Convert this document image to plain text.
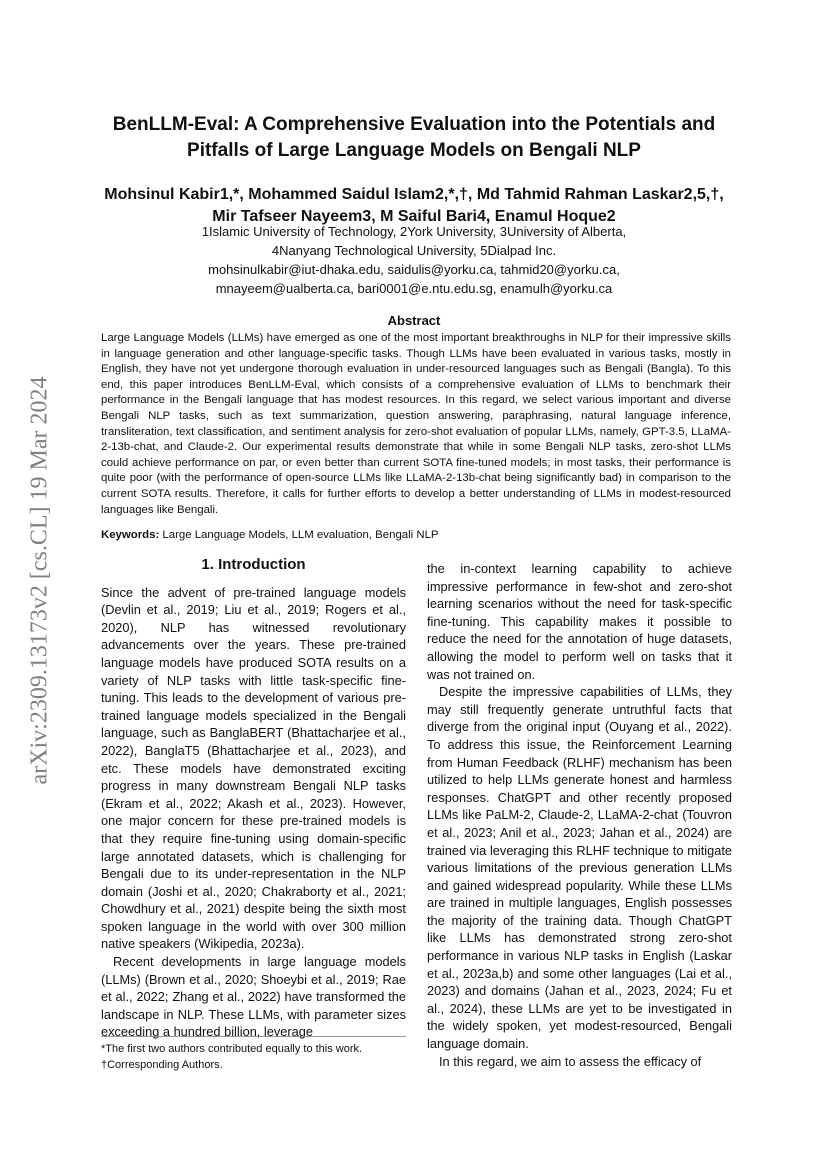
arXiv:2309.13173v2 [cs.CL] 19 Mar 2024
BenLLM-Eval: A Comprehensive Evaluation into the Potentials and Pitfalls of Large Language Models on Bengali NLP
Mohsinul Kabir1,*, Mohammed Saidul Islam2,*,†, Md Tahmid Rahman Laskar2,5,†,
Mir Tafseer Nayeem3, M Saiful Bari4, Enamul Hoque2
1Islamic University of Technology, 2York University, 3University of Alberta,
4Nanyang Technological University, 5Dialpad Inc.
mohsinulkabir@iut-dhaka.edu, saidulis@yorku.ca, tahmid20@yorku.ca,
mnayeem@ualberta.ca, bari0001@e.ntu.edu.sg, enamulh@yorku.ca
Abstract
Large Language Models (LLMs) have emerged as one of the most important breakthroughs in NLP for their impressive skills in language generation and other language-specific tasks. Though LLMs have been evaluated in various tasks, mostly in English, they have not yet undergone thorough evaluation in under-resourced languages such as Bengali (Bangla). To this end, this paper introduces BenLLM-Eval, which consists of a comprehensive evaluation of LLMs to benchmark their performance in the Bengali language that has modest resources. In this regard, we select various important and diverse Bengali NLP tasks, such as text summarization, question answering, paraphrasing, natural language inference, transliteration, text classification, and sentiment analysis for zero-shot evaluation of popular LLMs, namely, GPT-3.5, LLaMA-2-13b-chat, and Claude-2. Our experimental results demonstrate that while in some Bengali NLP tasks, zero-shot LLMs could achieve performance on par, or even better than current SOTA fine-tuned models; in most tasks, their performance is quite poor (with the performance of open-source LLMs like LLaMA-2-13b-chat being significantly bad) in comparison to the current SOTA results. Therefore, it calls for further efforts to develop a better understanding of LLMs in modest-resourced languages like Bengali.
Keywords: Large Language Models, LLM evaluation, Bengali NLP
1. Introduction

Since the advent of pre-trained language models (Devlin et al., 2019; Liu et al., 2019; Rogers et al., 2020), NLP has witnessed revolutionary advancements over the years. These pre-trained language models have produced SOTA results on a variety of NLP tasks with little task-specific fine-tuning. This leads to the development of various pre-trained language models specialized in the Bengali language, such as BanglaBERT (Bhattacharjee et al., 2022), BanglaT5 (Bhattacharjee et al., 2023), and etc. These models have demonstrated exciting progress in many downstream Bengali NLP tasks (Ekram et al., 2022; Akash et al., 2023). However, one major concern for these pre-trained models is that they require fine-tuning using domain-specific large annotated datasets, which is challenging for Bengali due to its under-representation in the NLP domain (Joshi et al., 2020; Chakraborty et al., 2021; Chowdhury et al., 2021) despite being the sixth most spoken language in the world with over 300 million native speakers (Wikipedia, 2023a).

Recent developments in large language models (LLMs) (Brown et al., 2020; Shoeybi et al., 2019; Rae et al., 2022; Zhang et al., 2022) have transformed the landscape in NLP. These LLMs, with parameter sizes exceeding a hundred billion, leverage

the in-context learning capability to achieve impressive performance in few-shot and zero-shot learning scenarios without the need for task-specific fine-tuning. This capability makes it possible to reduce the need for the annotation of huge datasets, allowing the model to perform well on tasks that it was not trained on.

Despite the impressive capabilities of LLMs, they may still frequently generate untruthful facts that diverge from the original input (Ouyang et al., 2022). To address this issue, the Reinforcement Learning from Human Feedback (RLHF) mechanism has been utilized to help LLMs generate honest and harmless responses. ChatGPT and other recently proposed LLMs like PaLM-2, Claude-2, LLaMA-2-chat (Touvron et al., 2023; Anil et al., 2023; Jahan et al., 2024) are trained via leveraging this RLHF technique to mitigate various limitations of the previous generation LLMs and gained widespread popularity. While these LLMs are trained in multiple languages, English possesses the majority of the training data. Though ChatGPT like LLMs has demonstrated strong zero-shot performance in various NLP tasks in English (Laskar et al., 2023a,b) and some other languages (Lai et al., 2023) and domains (Jahan et al., 2023, 2024; Fu et al., 2024), these LLMs are yet to be investigated in the widely spoken, yet modest-resourced, Bengali language domain.

In this regard, we aim to assess the efficacy of

*The first two authors contributed equally to this work.
†Corresponding Authors.
